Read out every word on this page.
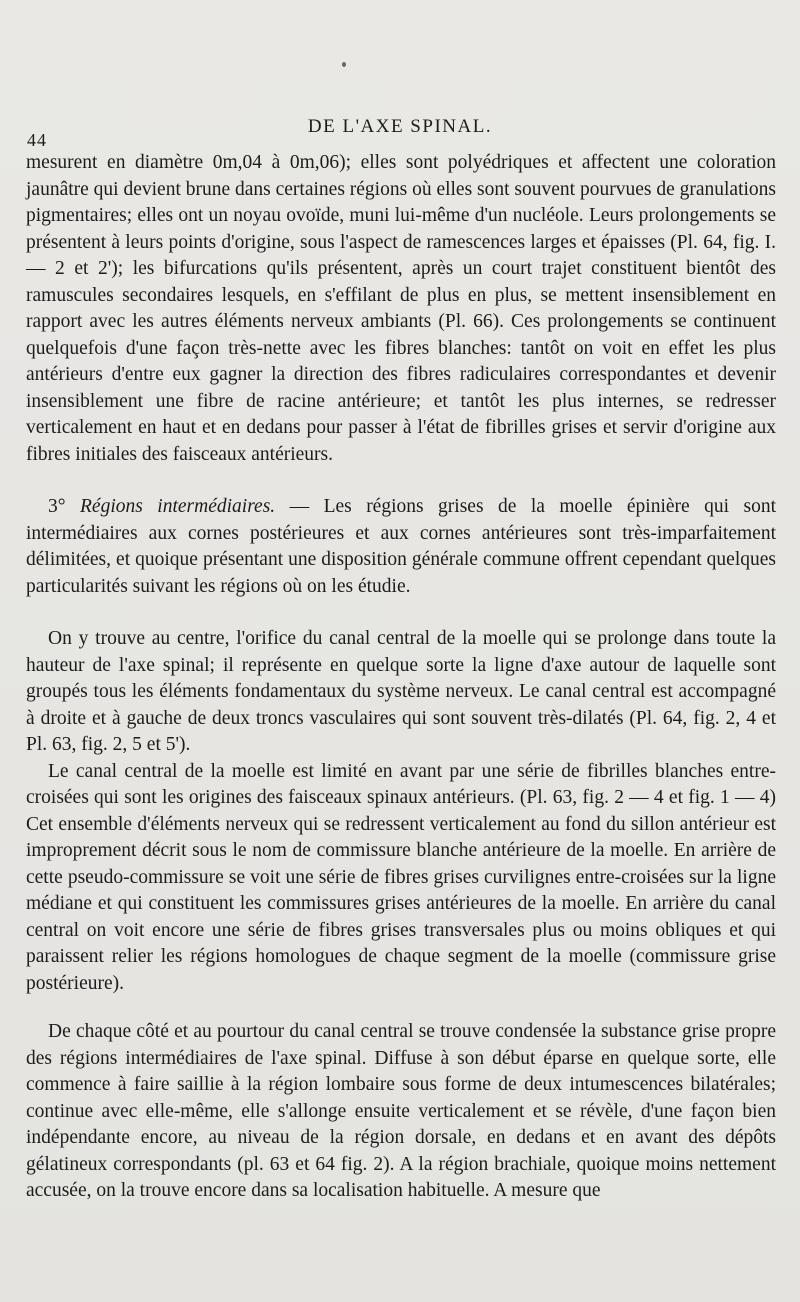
44
DE L'AXE SPINAL.

mesurent en diamètre 0m,04 à 0m,06); elles sont polyédriques et affectent une coloration jaunâtre qui devient brune dans certaines régions où elles sont souvent pourvues de granulations pigmentaires; elles ont un noyau ovoïde, muni lui-même d'un nucléole. Leurs prolongements se présentent à leurs points d'origine, sous l'aspect de ramescences larges et épaisses (Pl. 64, fig. I. — 2 et 2'); les bifurcations qu'ils présentent, après un court trajet constituent bientôt des ramuscules secondaires lesquels, en s'effilant de plus en plus, se mettent insensiblement en rapport avec les autres éléments nerveux ambiants (Pl. 66). Ces prolongements se continuent quelquefois d'une façon très-nette avec les fibres blanches: tantôt on voit en effet les plus antérieurs d'entre eux gagner la direction des fibres radiculaires correspondantes et devenir insensiblement une fibre de racine antérieure; et tantôt les plus internes, se redresser verticalement en haut et en dedans pour passer à l'état de fibrilles grises et servir d'origine aux fibres initiales des faisceaux antérieurs.

3° Régions intermédiaires. — Les régions grises de la moelle épinière qui sont intermédiaires aux cornes postérieures et aux cornes antérieures sont très-imparfaitement délimitées, et quoique présentant une disposition générale commune offrent cependant quelques particularités suivant les régions où on les étudie.

On y trouve au centre, l'orifice du canal central de la moelle qui se prolonge dans toute la hauteur de l'axe spinal; il représente en quelque sorte la ligne d'axe autour de laquelle sont groupés tous les éléments fondamentaux du système nerveux. Le canal central est accompagné à droite et à gauche de deux troncs vasculaires qui sont souvent très-dilatés (Pl. 64, fig. 2, 4 et Pl. 63, fig. 2, 5 et 5').

Le canal central de la moelle est limité en avant par une série de fibrilles blanches entre-croisées qui sont les origines des faisceaux spinaux antérieurs. (Pl. 63, fig. 2 — 4 et fig. 1 — 4) Cet ensemble d'éléments nerveux qui se redressent verticalement au fond du sillon antérieur est improprement décrit sous le nom de commissure blanche antérieure de la moelle. En arrière de cette pseudo-commissure se voit une série de fibres grises curvilignes entre-croisées sur la ligne médiane et qui constituent les commissures grises antérieures de la moelle. En arrière du canal central on voit encore une série de fibres grises transversales plus ou moins obliques et qui paraissent relier les régions homologues de chaque segment de la moelle (commissure grise postérieure).

De chaque côté et au pourtour du canal central se trouve condensée la substance grise propre des régions intermédiaires de l'axe spinal. Diffuse à son début éparse en quelque sorte, elle commence à faire saillie à la région lombaire sous forme de deux intumescences bilatérales; continue avec elle-même, elle s'allonge ensuite verticalement et se révèle, d'une façon bien indépendante encore, au niveau de la région dorsale, en dedans et en avant des dépôts gélatineux correspondants (pl. 63 et 64 fig. 2). A la région brachiale, quoique moins nettement accusée, on la trouve encore dans sa localisation habituelle. A mesure que
